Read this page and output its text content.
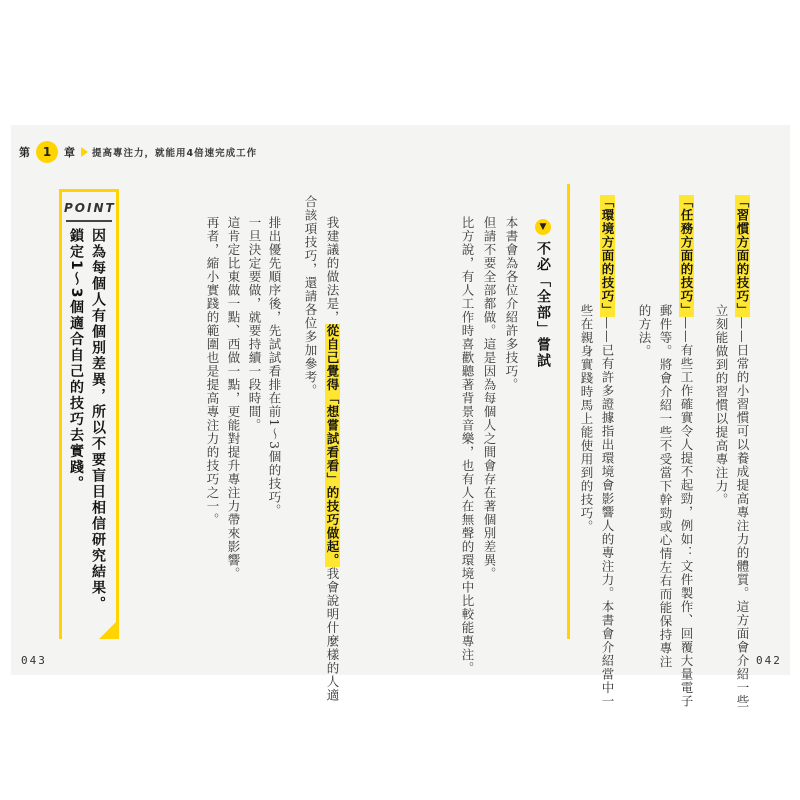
第	1	章 提高專注力，就能用4倍速完成工作
「習慣方面的技巧」——日常的小習慣可以養成提高專注力的體質。這方面會介紹一些
立刻能做到的習慣以提高專注力。
「任務方面的技巧」——有些工作確實令人提不起勁，例如：文件製作、回覆大量電子
郵件等。將會介紹一些不受當下幹勁或心情左右而能保持專注
的方法。
「環境方面的技巧」——已有許多證據指出環境會影響人的專注力。本書會介紹當中一
些在親身實踐時馬上能使用到的技巧。
▼
不必「全部」嘗試
本書會為各位介紹許多技巧。
但請不要全部都做。這是因為每個人之間會存在著個別差異。
比方說，有人工作時喜歡聽著背景音樂，也有人在無聲的環境中比較能專注。
我建議的做法是，從自己覺得「想嘗試看看」的技巧做起。我會說明什麼樣的人適
合該項技巧，還請各位多加參考。
排出優先順序後，先試試看排在前1～3個的技巧。
一旦決定要做，就要持續一段時間。
這肯定比東做一點、西做一點，更能對提升專注力帶來影響。
再者，縮小實踐的範圍也是提高專注力的技巧之一。
POINT
因為每個人有個別差異，所以不要盲目相信研究結果。
鎖定1～3個適合自己的技巧去實踐。
043	042
